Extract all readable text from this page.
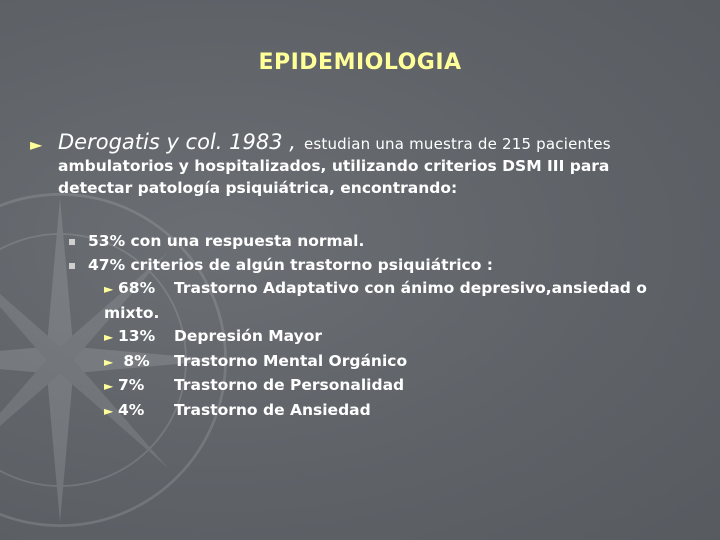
EPIDEMIOLOGIA
► Derogatis y col. 1983 , estudian una muestra de 215 pacientes
ambulatorios y hospitalizados, utilizando criterios DSM III para
detectar patología psiquiátrica, encontrando:
53% con una respuesta normal.
47% criterios de algún trastorno psiquiátrico :
► 68% Trastorno Adaptativo con ánimo depresivo,ansiedad o
mixto.
► 13% Depresión Mayor
► 8% Trastorno Mental Orgánico
► 7% Trastorno de Personalidad
► 4% Trastorno de Ansiedad
